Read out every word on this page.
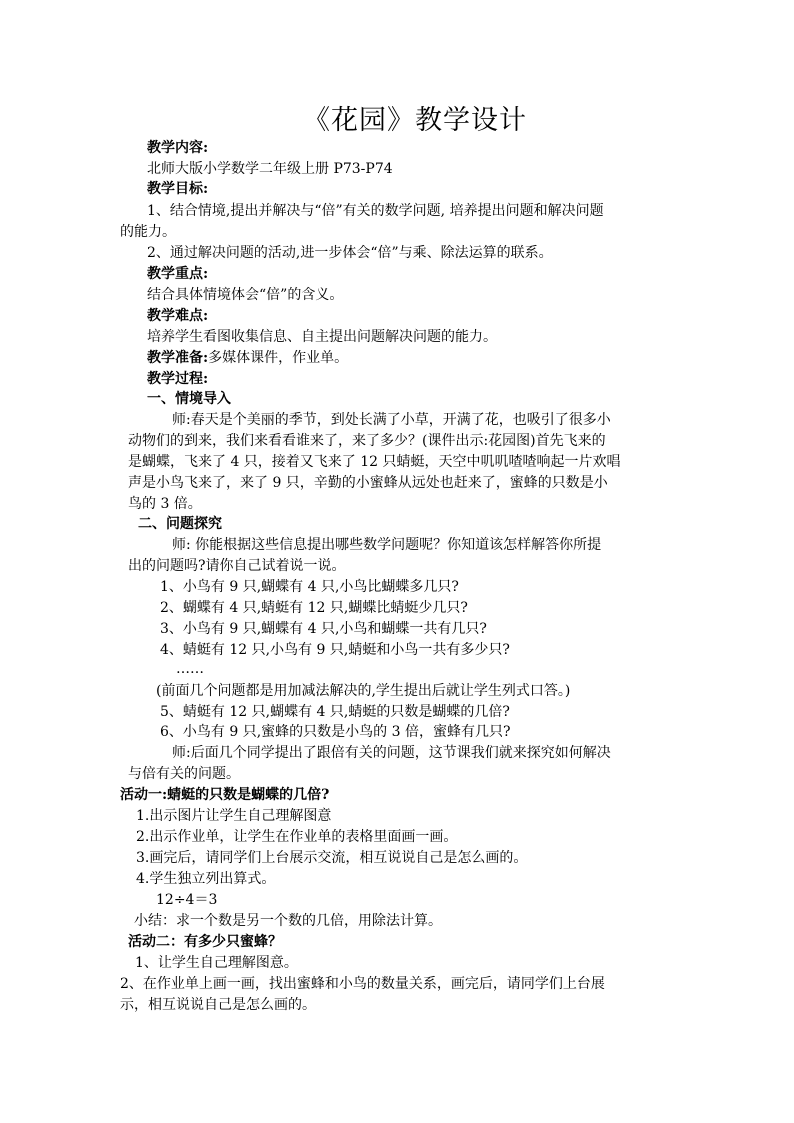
《花园》教学设计
教学内容:
北师大版小学数学二年级上册 P73-P74
教学目标:
1、结合情境,提出并解决与“倍”有关的数学问题, 培养提出问题和解决问题
的能力。
2、通过解决问题的活动,进一步体会“倍”与乘、除法运算的联系。
教学重点:
结合具体情境体会“倍”的含义。
教学难点:
培养学生看图收集信息、自主提出问题解决问题的能力。
教学准备:多媒体课件，作业单。
教学过程:
一、情境导入
师:春天是个美丽的季节，到处长满了小草，开满了花，也吸引了很多小
动物们的到来，我们来看看谁来了，来了多少？(课件出示:花园图)首先飞来的
是蝴蝶，飞来了 4 只，接着又飞来了 12 只蜻蜓，天空中叽叽喳喳响起一片欢唱
声是小鸟飞来了，来了 9 只，辛勤的小蜜蜂从远处也赶来了，蜜蜂的只数是小
鸟的 3 倍。
二、问题探究
师: 你能根据这些信息提出哪些数学问题呢？你知道该怎样解答你所提
出的问题吗?请你自己试着说一说。
1、小鸟有 9 只,蝴蝶有 4 只,小鸟比蝴蝶多几只?
2、蝴蝶有 4 只,蜻蜓有 12 只,蝴蝶比蜻蜓少几只?
3、小鸟有 9 只,蝴蝶有 4 只,小鸟和蝴蝶一共有几只?
4、蜻蜓有 12 只,小鸟有 9 只,蜻蜓和小鸟一共有多少只?
……
(前面几个问题都是用加减法解决的,学生提出后就让学生列式口答。)
5、蜻蜓有 12 只,蝴蝶有 4 只,蜻蜓的只数是蝴蝶的几倍?
6、小鸟有 9 只,蜜蜂的只数是小鸟的 3 倍，蜜蜂有几只?
师:后面几个同学提出了跟倍有关的问题，这节课我们就来探究如何解决
与倍有关的问题。
活动一:蜻蜓的只数是蝴蝶的几倍?
1.出示图片让学生自己理解图意
2.出示作业单，让学生在作业单的表格里面画一画。
3.画完后，请同学们上台展示交流，相互说说自己是怎么画的。
4.学生独立列出算式。
12÷4＝3
小结：求一个数是另一个数的几倍，用除法计算。
活动二：有多少只蜜蜂？
1、让学生自己理解图意。
2、在作业单上画一画，找出蜜蜂和小鸟的数量关系，画完后，请同学们上台展
示，相互说说自己是怎么画的。
